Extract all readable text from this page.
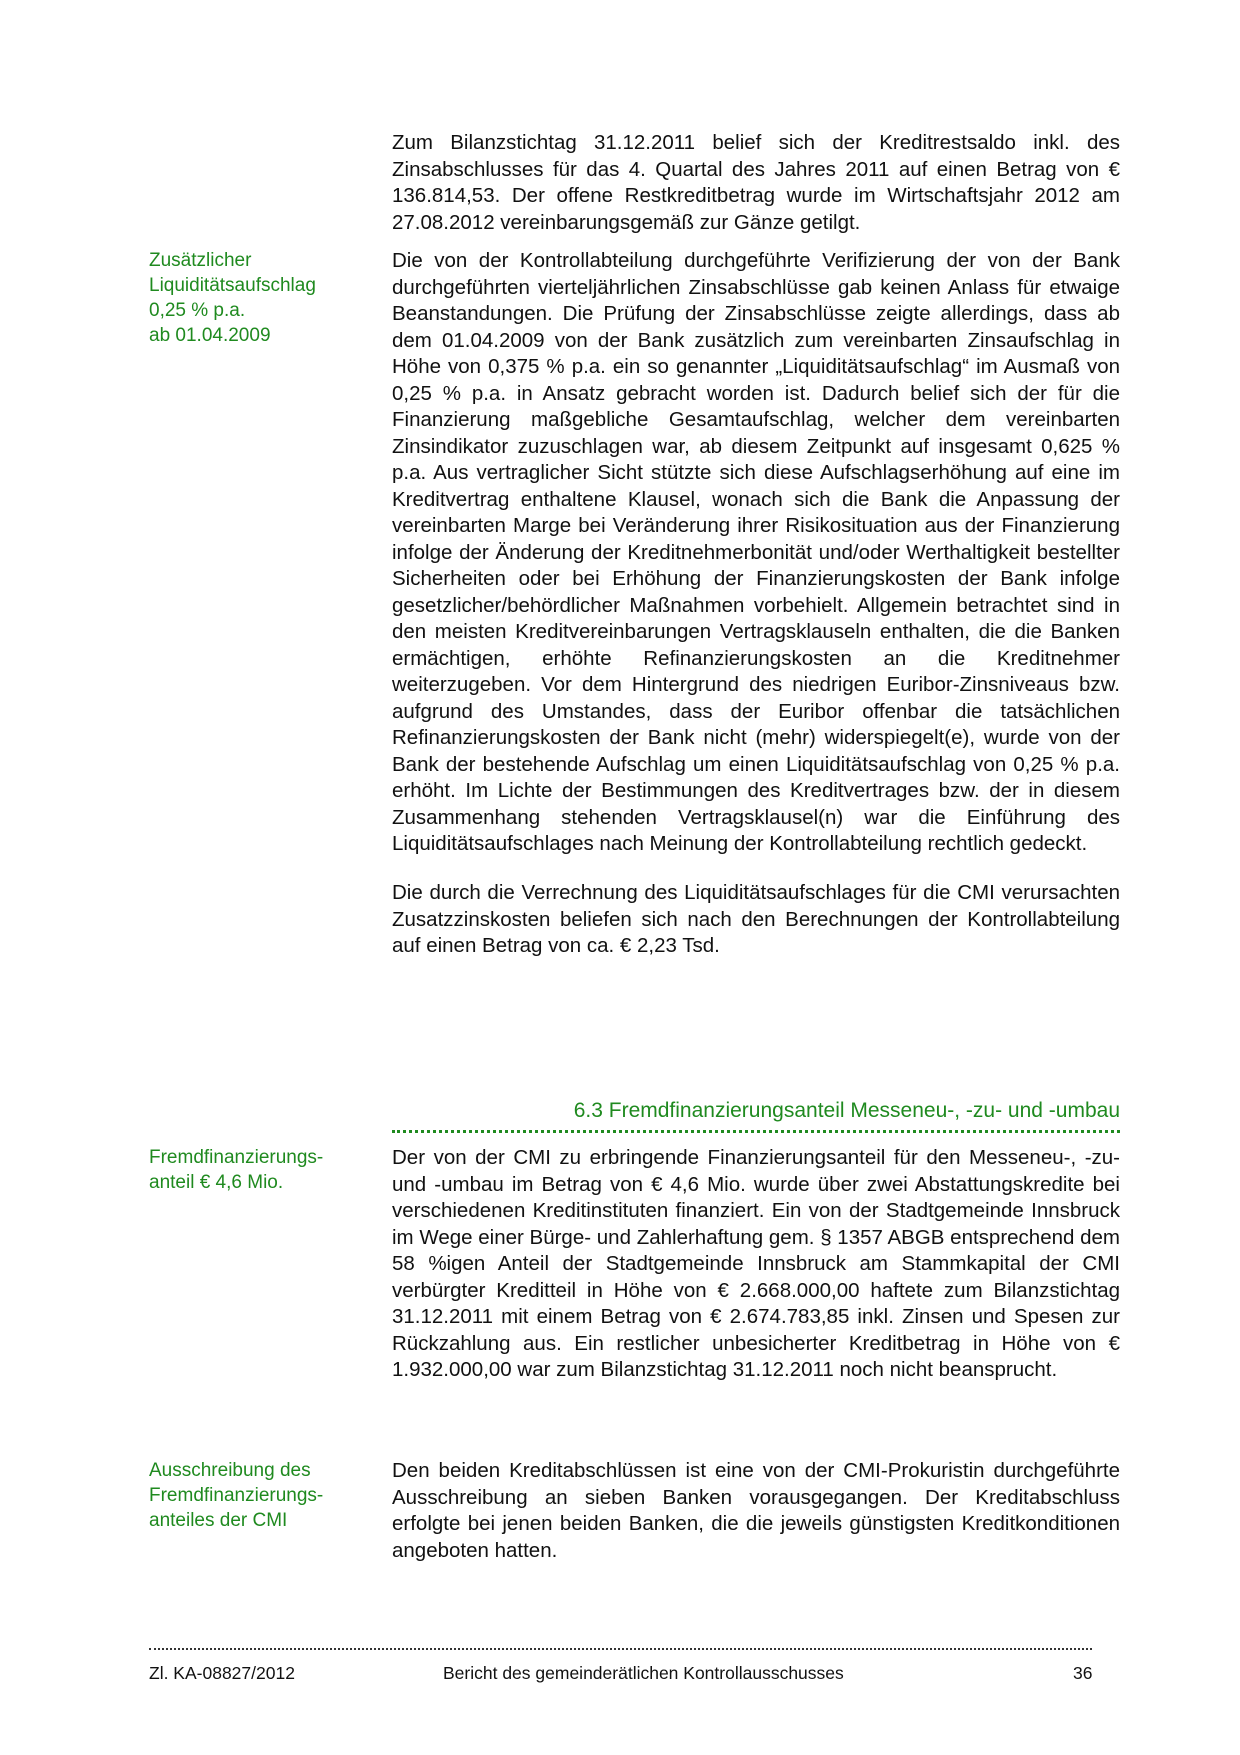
Zum Bilanzstichtag 31.12.2011 belief sich der Kreditrestsaldo inkl. des Zinsabschlusses für das 4. Quartal des Jahres 2011 auf einen Betrag von € 136.814,53. Der offene Restkreditbetrag wurde im Wirtschaftsjahr 2012 am 27.08.2012 vereinbarungsgemäß zur Gänze getilgt.

Zusätzlicher
Liquiditätsaufschlag
0,25 % p.a.
ab 01.04.2009

Die von der Kontrollabteilung durchgeführte Verifizierung der von der Bank durchgeführten vierteljährlichen Zinsabschlüsse gab keinen Anlass für etwaige Beanstandungen. Die Prüfung der Zinsabschlüsse zeigte allerdings, dass ab dem 01.04.2009 von der Bank zusätzlich zum vereinbarten Zinsaufschlag in Höhe von 0,375 % p.a. ein so genannter „Liquiditätsaufschlag“ im Ausmaß von 0,25 % p.a. in Ansatz gebracht worden ist. Dadurch belief sich der für die Finanzierung maßgebliche Gesamtaufschlag, welcher dem vereinbarten Zinsindikator zuzuschlagen war, ab diesem Zeitpunkt auf insgesamt 0,625 % p.a. Aus vertraglicher Sicht stützte sich diese Aufschlagserhöhung auf eine im Kreditvertrag enthaltene Klausel, wonach sich die Bank die Anpassung der vereinbarten Marge bei Veränderung ihrer Risikosituation aus der Finanzierung infolge der Änderung der Kreditnehmerbonität und/oder Werthaltigkeit bestellter Sicherheiten oder bei Erhöhung der Finanzierungskosten der Bank infolge gesetzlicher/behördlicher Maßnahmen vorbehielt. Allgemein betrachtet sind in den meisten Kreditvereinbarungen Vertragsklauseln enthalten, die die Banken ermächtigen, erhöhte Refinanzierungskosten an die Kreditnehmer weiterzugeben. Vor dem Hintergrund des niedrigen Euribor-Zinsniveaus bzw. aufgrund des Umstandes, dass der Euribor offenbar die tatsächlichen Refinanzierungskosten der Bank nicht (mehr) widerspiegelt(e), wurde von der Bank der bestehende Aufschlag um einen Liquiditätsaufschlag von 0,25 % p.a. erhöht. Im Lichte der Bestimmungen des Kreditvertrages bzw. der in diesem Zusammenhang stehenden Vertragsklausel(n) war die Einführung des Liquiditätsaufschlages nach Meinung der Kontrollabteilung rechtlich gedeckt.

Die durch die Verrechnung des Liquiditätsaufschlages für die CMI verursachten Zusatzzinskosten beliefen sich nach den Berechnungen der Kontrollabteilung auf einen Betrag von ca. € 2,23 Tsd.

6.3 Fremdfinanzierungsanteil Messeneu-, -zu- und -umbau
Fremdfinanzierungs-
anteil € 4,6 Mio.

Der von der CMI zu erbringende Finanzierungsanteil für den Messeneu-, -zu- und -umbau im Betrag von € 4,6 Mio. wurde über zwei Abstattungskredite bei verschiedenen Kreditinstituten finanziert. Ein von der Stadtgemeinde Innsbruck im Wege einer Bürge- und Zahlerhaftung gem. § 1357 ABGB entsprechend dem 58 %igen Anteil der Stadtgemeinde Innsbruck am Stammkapital der CMI verbürgter Kreditteil in Höhe von € 2.668.000,00 haftete zum Bilanzstichtag 31.12.2011 mit einem Betrag von € 2.674.783,85 inkl. Zinsen und Spesen zur Rückzahlung aus. Ein restlicher unbesicherter Kreditbetrag in Höhe von € 1.932.000,00 war zum Bilanzstichtag 31.12.2011 noch nicht beansprucht.

Ausschreibung des
Fremdfinanzierungs-
anteiles der CMI

Den beiden Kreditabschlüssen ist eine von der CMI-Prokuristin durchgeführte Ausschreibung an sieben Banken vorausgegangen. Der Kreditabschluss erfolgte bei jenen beiden Banken, die die jeweils günstigsten Kreditkonditionen angeboten hatten.

Zl. KA-08827/2012	Bericht des gemeinderätlichen Kontrollausschusses	36
